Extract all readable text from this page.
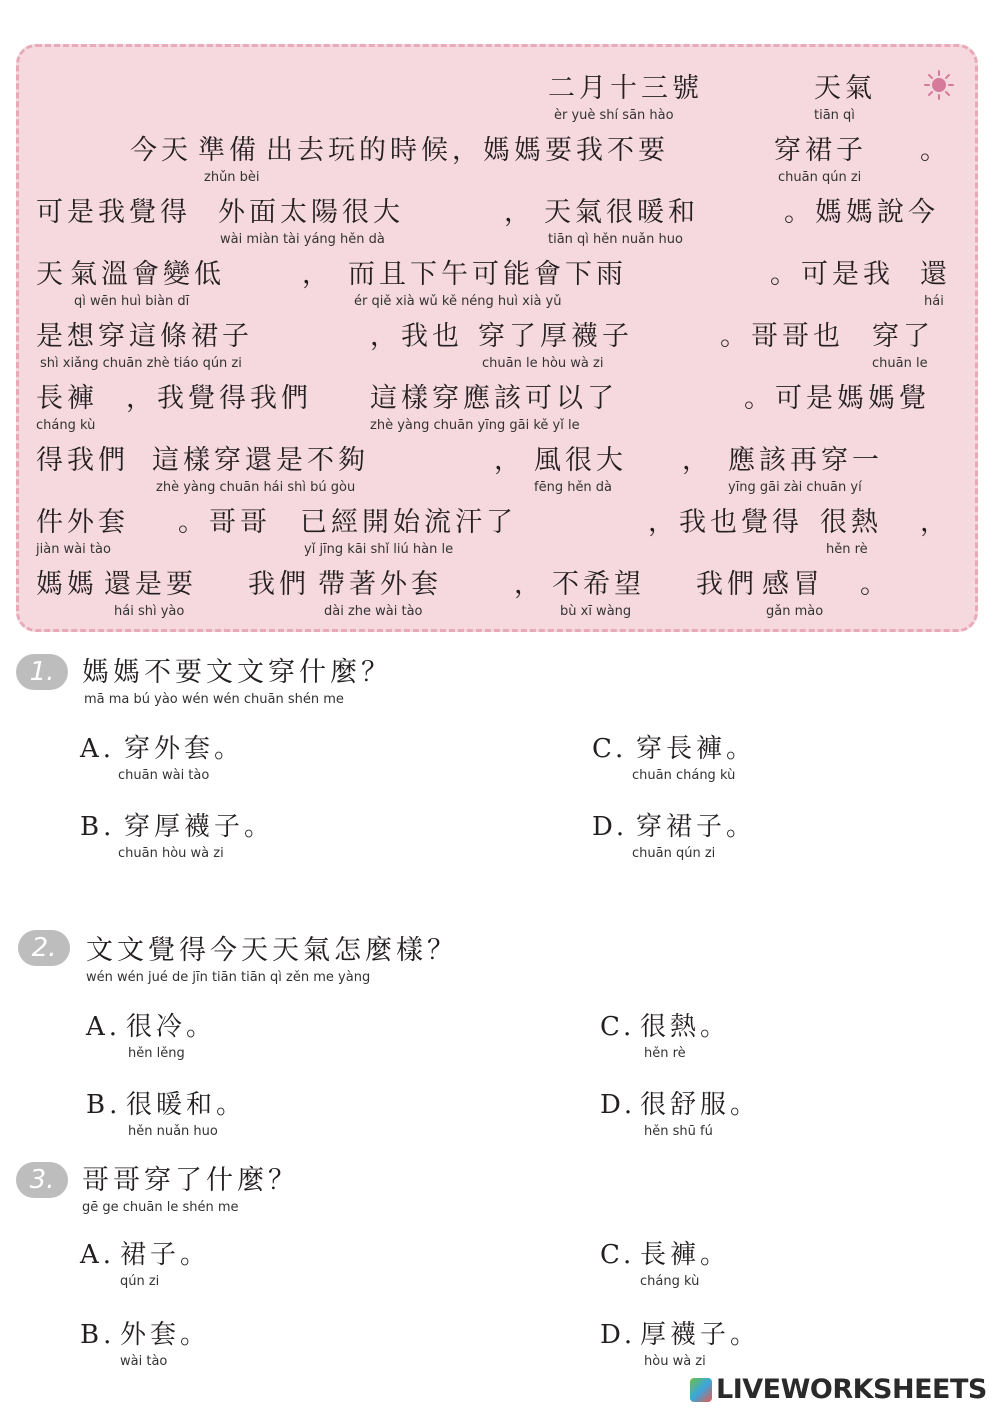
二月十三號
èr yuè shí sān hào
天氣
tiān qì
今天 準備
zhǔn bèi
出去玩的時候，媽媽要我不要	穿裙子
chuān qún zi
。
可是我覺得 外面太陽很大
wài miàn tài yáng hěn dà
， 天氣很暖和
tiān qì hěn nuǎn huo
。媽媽說今
天 氣溫會變低
qì wēn huì biàn dī
， 而且下午可能會下雨
ér qiě xià wǔ kě néng huì xià yǔ
。可是我 還
hái
是想穿這條裙子
shì xiǎng chuān zhè tiáo qún zi
，我也 穿了厚襪子
chuān le hòu wà zi
。哥哥也 穿了
chuān le
長褲
cháng kù
，我覺得我們 這樣穿應該可以了
zhè yàng chuān yīng gāi kě yǐ le
。可是媽媽覺
得我們 這樣穿還是不夠
zhè yàng chuān hái shì bú gòu
， 風很大
fēng hěn dà
， 應該再穿一
yīng gāi zài chuān yí
件外套
jiàn wài tào
。哥哥 已經開始流汗了
yǐ jīng kāi shǐ liú hàn le
，我也覺得 很熱
hěn rè
，
媽媽 還是要
hái shì yào
我們 帶著外套
dài zhe wài tào
， 不希望
bù xī wàng
我們 感冒
gǎn mào
。
1.	媽媽不要文文穿什麼？
mā ma bú yào wén wén chuān shén me
A. 穿外套。
chuān wài tào
C. 穿長褲。
chuān cháng kù
B. 穿厚襪子。
chuān hòu wà zi
D. 穿裙子。
chuān qún zi
2.	文文覺得今天天氣怎麼樣？
wén wén jué de jīn tiān tiān qì zěn me yàng
A. 很冷。
hěn lěng
C. 很熱。
hěn rè
B. 很暖和。
hěn nuǎn huo
D. 很舒服。
hěn shū fú
3.	哥哥穿了什麼？
gē ge chuān le shén me
A. 裙子。
qún zi
C. 長褲。
cháng kù
B. 外套。
wài tào
D. 厚襪子。
hòu wà zi
LIVEWORKSHEETS
